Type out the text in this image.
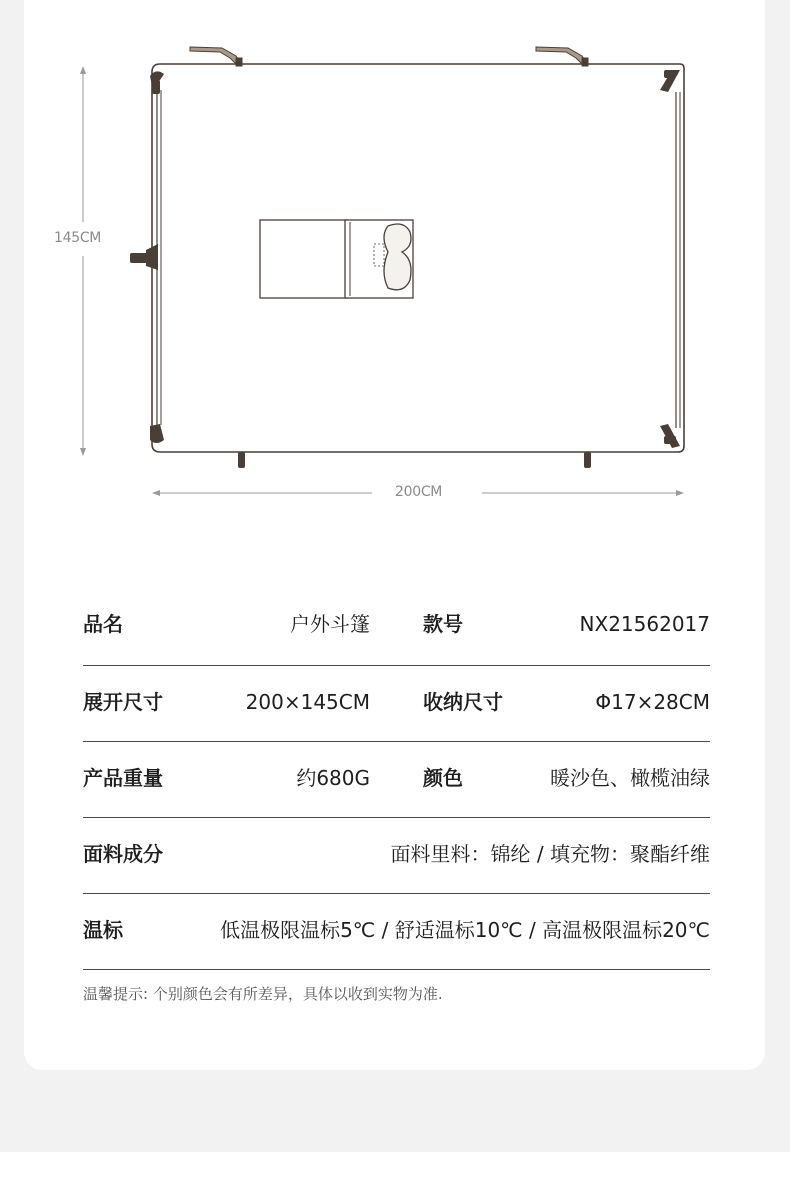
145CM
200CM
品名	户外斗篷	款号	NX21562017
展开尺寸	200×145CM	收纳尺寸	Φ17×28CM
产品重量	约680G	颜色	暖沙色、橄榄油绿
面料成分	面料里料：锦纶 / 填充物：聚酯纤维
温标	低温极限温标5℃ / 舒适温标10℃ / 高温极限温标20℃
温馨提示: 个别颜色会有所差异，具体以收到实物为准.
